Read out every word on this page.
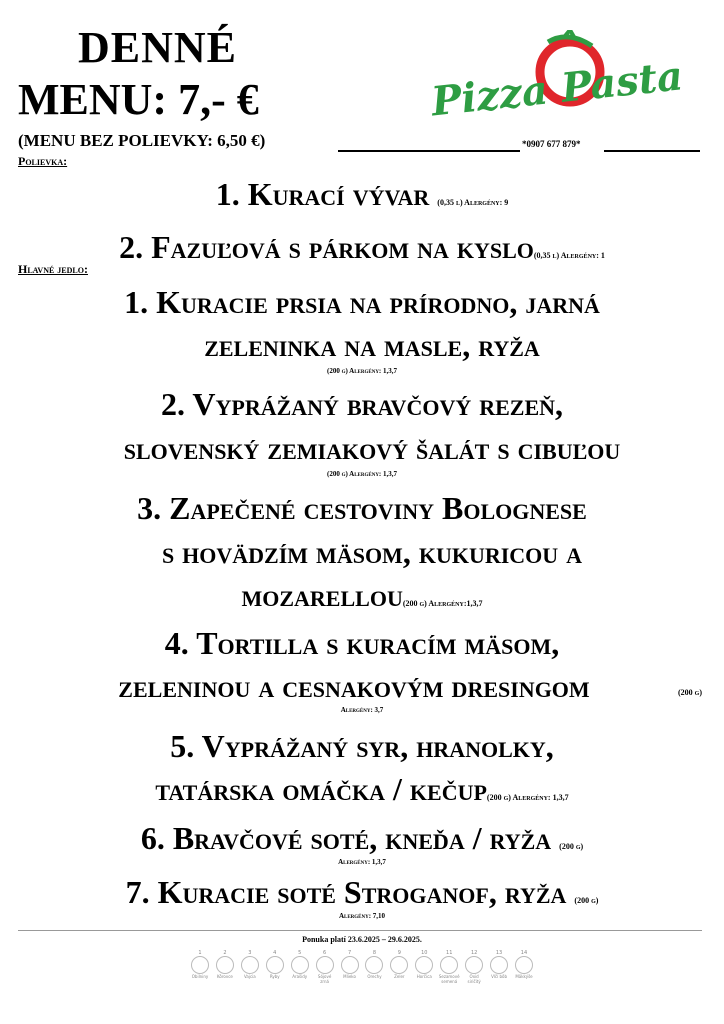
DENNÉ
MENU: 7,- €
(MENU BEZ POLIEVKY: 6,50 €)	*0907 677 879*
Pizza Pasta
Polievka:
1. Kurací vývar (0,35 l) Alergény: 9
2. Fazuľová s párkom na kyslo(0,35 l) Alergény: 1
Hlavné jedlo:
1. Kuracie prsia na prírodno, jarná
zeleninka na masle, ryža
(200 g) Alergény: 1,3,7
2. Vyprážaný bravčový rezeň,
slovenský zemiakový šalát s cibuľou
(200 g) Alergény: 1,3,7
3. Zapečené cestoviny Bolognese
s hovädzím mäsom, kukuricou a
mozarellou(200 g) Alergény:1,3,7
4. Tortilla s kuracím mäsom,
zeleninou a cesnakovým dresingom	(200 g)
Alergény: 3,7
5. Vyprážaný syr, hranolky,
tatárska omáčka / kečup(200 g) Alergény: 1,3,7
6. Bravčové soté, kneďa / ryža (200 g)
Alergény: 1,3,7
7. Kuracie soté Stroganof, ryža (200 g)
Alergény: 7,10
Ponuka platí 23.6.2025 – 29.6.2025.
1
Obilniny
2
Kôrovce
3
Vajcia
4
Ryby
5
Arašidy
6
Sójové zrná
7
Mlieko
8
Orechy
9
Zeler
10
Horčica
11
Sezamové semená
12
Oxid siričitý
13
Vlčí bôb
14
Mäkkýše
